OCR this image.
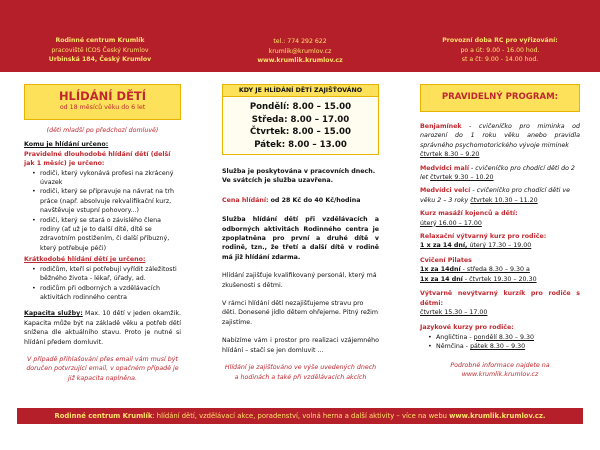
Rodinné centrum Krumlík
pracoviště ICOS Český Krumlov
Urbinská 184, Český Krumlov
tel.: 774 292 622
krumlik@krumlov.cz
www.krumlik.krumlov.cz
Provozní doba RC pro vyřizování:
po a út: 9.00 - 16.00 hod.
st a čt: 9.00 - 14.00 hod.
HLÍDÁNÍ DĚTÍ
od 18 měsíců věku do 6 let
(děti mladší po předchozí domluvě)
Komu je hlídání určeno:
Pravidelné dlouhodobé hlídání dětí (delší jak 1 měsíc) je určeno:
• rodiči, který vykonává profesi na zkrácený úvazek
• rodiči, který se připravuje na návrat na trh práce (např. absolvuje rekvalifikační kurz, navštěvuje vstupní pohovory...)
• rodiči, který se stará o závislého člena rodiny (ať už je to další dítě, dítě se zdravotním postižením, či další příbuzný, který potřebuje péči)
Krátkodobé hlídání dětí je určeno:
• rodičům, kteří si potřebují vyřídit záležitosti běžného života - lékař, úřady, ad.
• rodičům při odborných a vzdělávacích aktivitách rodinného centra
Kapacita služby: Max. 10 dětí v jeden okamžik. Kapacita může být na základě věku a potřeb dětí snížena dle aktuálního stavu. Proto je nutné si hlídání předem domluvit.
V případě přihlašování přes email vám musí být doručen potvrzující email, v opačném případě je již kapacita naplněna.
KDY JE HLÍDÁNÍ DĚTÍ ZAJIŠŤOVÁNO
Pondělí: 8.00 – 15.00
Středa: 8.00 – 17.00
Čtvrtek: 8.00 – 15.00
Pátek: 8.00 – 13.00
Služba je poskytována v pracovních dnech. Ve svátcích je služba uzavřena.
Cena hlídání: od 28 Kč do 40 Kč/hodina
Služba hlídání dětí při vzdělávacích a odborných aktivitách Rodinného centra je zpoplatněna pro první a druhé dítě v rodině, tzn., že třetí a další dítě v rodině má již hlídání zdarma.
Hlídání zajišťuje kvalifikovaný personál, který má zkušenosti s dětmi.
V rámci hlídání dětí nezajišťujeme stravu pro děti. Donesené jídlo dětem ohřejeme. Pitný režim zajistíme.
Nabízíme vám i prostor pro realizaci vzájemného hlídání – stačí se jen domluvit ...
Hlídání je zajišťováno ve výše uvedených dnech a hodinách a také při vzdělávacích akcích
PRAVIDELNÝ PROGRAM:
Benjamínek - cvičeníčko pro miminka od narození do 1 roku věku anebo pravidla správného psychomotorického vývoje miminek
čtvrtek 8.30 – 9.20
Medvídci malí - cvičeníčko pro chodící děti do 2 let čtvrtek 9.30 – 10.20
Medvídci velcí - cvičeníčko pro chodící děti ve věku 2 – 3 roky čtvrtek 10.30 – 11.20
Kurz masáží kojenců a dětí:
úterý 16.00 – 17.00
Relaxační výtvarný kurz pro rodiče:
1 x za 14 dní, úterý 17.30 – 19.00
Cvičení Pilates
1x za 14dní - středa 8.30 – 9.30 a
1x za 14 dní - čtvrtek 19.30 – 20.30
Výtvarně nevýtvarný kurzík pro rodiče s dětmi:
čtvrtek 15.30 – 17.00
Jazykové kurzy pro rodiče:
• Angličtina - pondělí 8.30 – 9.30
• Němčina - pátek 8.30 – 9.30
Podrobné informace najdete na www.krumlik.krumlov.cz
Rodinné centrum Krumlík: hlídání dětí, vzdělávací akce, poradenství, volná herna a další aktivity – více na webu www.krumlik.krumlov.cz.
